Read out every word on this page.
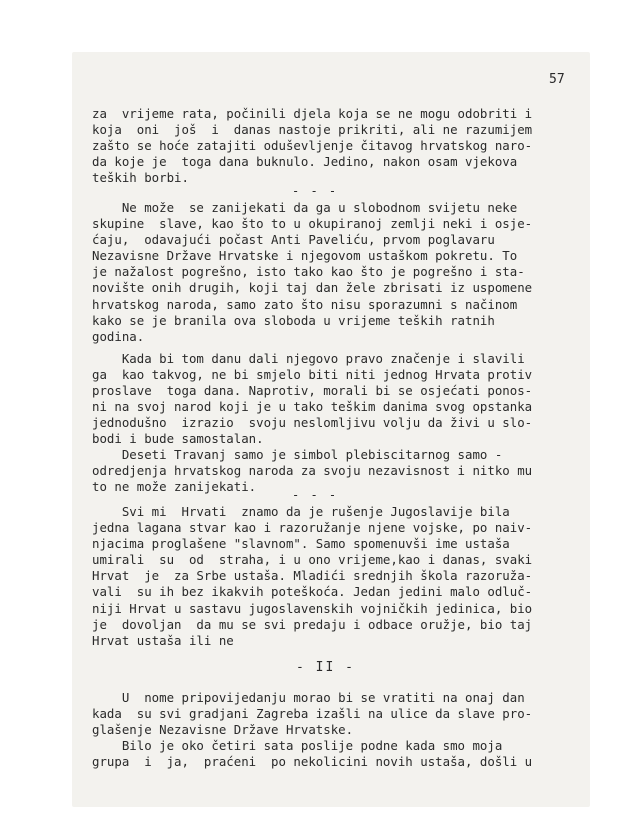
57
za  vrijeme rata, počinili djela koja se ne mogu odobriti i
koja  oni  još  i  danas nastoje prikriti, ali ne razumijem
zašto se hoće zatajiti oduševljenje čitavog hrvatskog naro-
da koje je  toga dana buknulo. Jedino, nakon osam vjekova
teških borbi.
- - -
Ne može  se zanijekati da ga u slobodnom svijetu neke
skupine  slave, kao što to u okupiranoj zemlji neki i osje-
ćaju,  odavajući počast Anti Paveliću, prvom poglavaru
Nezavisne Države Hrvatske i njegovom ustaškom pokretu. To
je nažalost pogrešno, isto tako kao što je pogrešno i sta-
novište onih drugih, koji taj dan žele zbrisati iz uspomene
hrvatskog naroda, samo zato što nisu sporazumni s načinom
kako se je branila ova sloboda u vrijeme teških ratnih
godina.
Kada bi tom danu dali njegovo pravo značenje i slavili
ga  kao takvog, ne bi smjelo biti niti jednog Hrvata protiv
proslave  toga dana. Naprotiv, morali bi se osjećati ponos-
ni na svoj narod koji je u tako teškim danima svog opstanka
jednodušno  izrazio  svoju neslomljivu volju da živi u slo-
bodi i bude samostalan.
Deseti Travanj samo je simbol plebiscitarnog samo -
odredjenja hrvatskog naroda za svoju nezavisnost i nitko mu
to ne može zanijekati.
- - -
Svi mi  Hrvati  znamo da je rušenje Jugoslavije bila
jedna lagana stvar kao i razoružanje njene vojske, po naiv-
njacima proglašene "slavnom". Samo spomenuvši ime ustaša
umirali  su  od  straha, i u ono vrijeme,kao i danas, svaki
Hrvat  je  za Srbe ustaša. Mladići srednjih škola razoruža-
vali  su ih bez ikakvih poteškoća. Jedan jedini malo odluč-
niji Hrvat u sastavu jugoslavenskih vojničkih jedinica, bio
je  dovoljan  da mu se svi predaju i odbace oružje, bio taj
Hrvat ustaša ili ne
- II -
U  nome pripovijedanju morao bi se vratiti na onaj dan
kada  su svi gradjani Zagreba izašli na ulice da slave pro-
glašenje Nezavisne Države Hrvatske.
Bilo je oko četiri sata poslije podne kada smo moja
grupa  i  ja,  praćeni  po nekolicini novih ustaša, došli u
